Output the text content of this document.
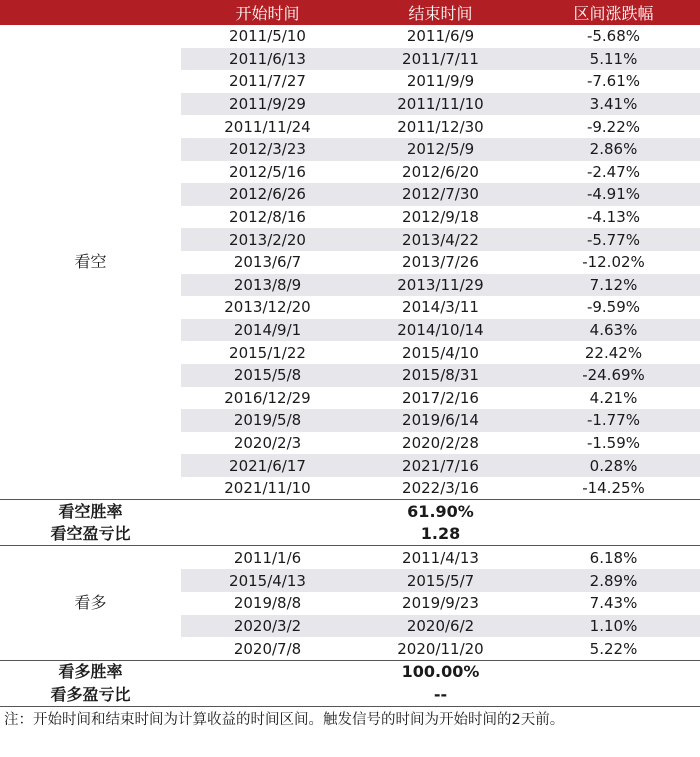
	开始时间	结束时间	区间涨跌幅
看空	2011/5/10	2011/6/9	-5.68%
	2011/6/13	2011/7/11	5.11%
	2011/7/27	2011/9/9	-7.61%
	2011/9/29	2011/11/10	3.41%
	2011/11/24	2011/12/30	-9.22%
	2012/3/23	2012/5/9	2.86%
	2012/5/16	2012/6/20	-2.47%
	2012/6/26	2012/7/30	-4.91%
	2012/8/16	2012/9/18	-4.13%
	2013/2/20	2013/4/22	-5.77%
	2013/6/7	2013/7/26	-12.02%
	2013/8/9	2013/11/29	7.12%
	2013/12/20	2014/3/11	-9.59%
	2014/9/1	2014/10/14	4.63%
	2015/1/22	2015/4/10	22.42%
	2015/5/8	2015/8/31	-24.69%
	2016/12/29	2017/2/16	4.21%
	2019/5/8	2019/6/14	-1.77%
	2020/2/3	2020/2/28	-1.59%
	2021/6/17	2021/7/16	0.28%
	2021/11/10	2022/3/16	-14.25%
看空胜率		61.90%	
看空盈亏比		1.28	
看多	2011/1/6	2011/4/13	6.18%
	2015/4/13	2015/5/7	2.89%
	2019/8/8	2019/9/23	7.43%
	2020/3/2	2020/6/2	1.10%
	2020/7/8	2020/11/20	5.22%
看多胜率		100.00%	
看多盈亏比		--	
注：开始时间和结束时间为计算收益的时间区间。触发信号的时间为开始时间的2天前。
